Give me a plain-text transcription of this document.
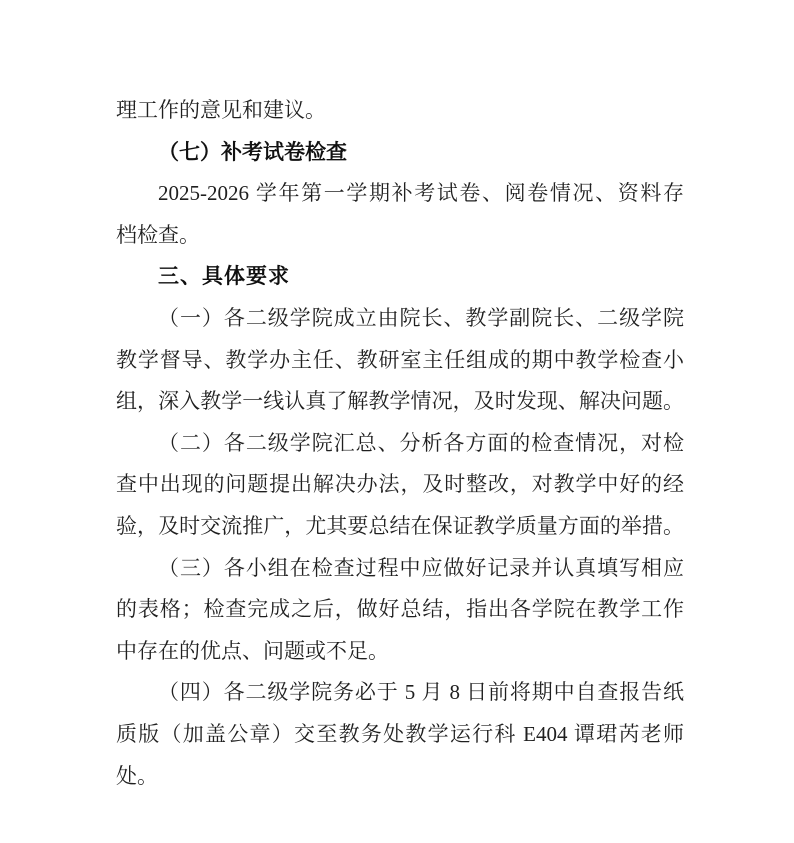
理工作的意见和建议。
（七）补考试卷检查
2025-2026 学年第一学期补考试卷、阅卷情况、资料存
档检查。
三、具体要求
（一）各二级学院成立由院长、教学副院长、二级学院
教学督导、教学办主任、教研室主任组成的期中教学检查小
组，深入教学一线认真了解教学情况，及时发现、解决问题。
（二）各二级学院汇总、分析各方面的检查情况，对检
查中出现的问题提出解决办法，及时整改，对教学中好的经
验，及时交流推广，尤其要总结在保证教学质量方面的举措。
（三）各小组在检查过程中应做好记录并认真填写相应
的表格；检查完成之后，做好总结，指出各学院在教学工作
中存在的优点、问题或不足。
（四）各二级学院务必于 5 月 8 日前将期中自查报告纸
质版（加盖公章）交至教务处教学运行科 E404 谭珺芮老师
处。
